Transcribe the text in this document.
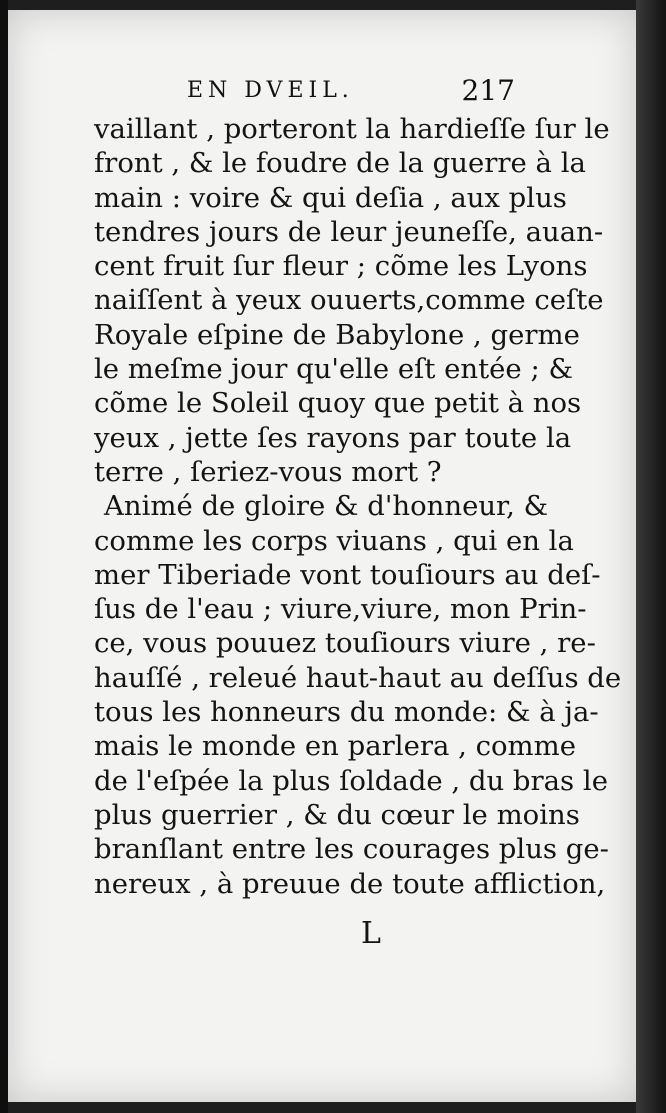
EN DVEIL.	217
vaillant , porteront la hardieſſe ſur le
front , & le foudre de la guerre à la
main : voire & qui deſia , aux plus
tendres jours de leur jeuneſſe, auan-
cent fruit ſur fleur ; cõme les Lyons
naiſſent à yeux ouuerts,comme ceſte
Royale eſpine de Babylone , germe
le meſme jour qu'elle eſt entée ; &
cõme le Soleil quoy que petit à nos
yeux , jette ſes rayons par toute la
terre , ſeriez-vous mort ?
Animé de gloire & d'honneur, &
comme les corps viuans , qui en la
mer Tiberiade vont touſiours au deſ-
ſus de l'eau ; viure,viure, mon Prin-
ce, vous pouuez touſiours viure , re-
hauſſé , releué haut-haut au deſſus de
tous les honneurs du monde: & à ja-
mais le monde en parlera , comme
de l'eſpée la plus ſoldade , du bras le
plus guerrier , & du cœur le moins
branſlant entre les courages plus ge-
nereux , à preuue de toute affliction,
L
